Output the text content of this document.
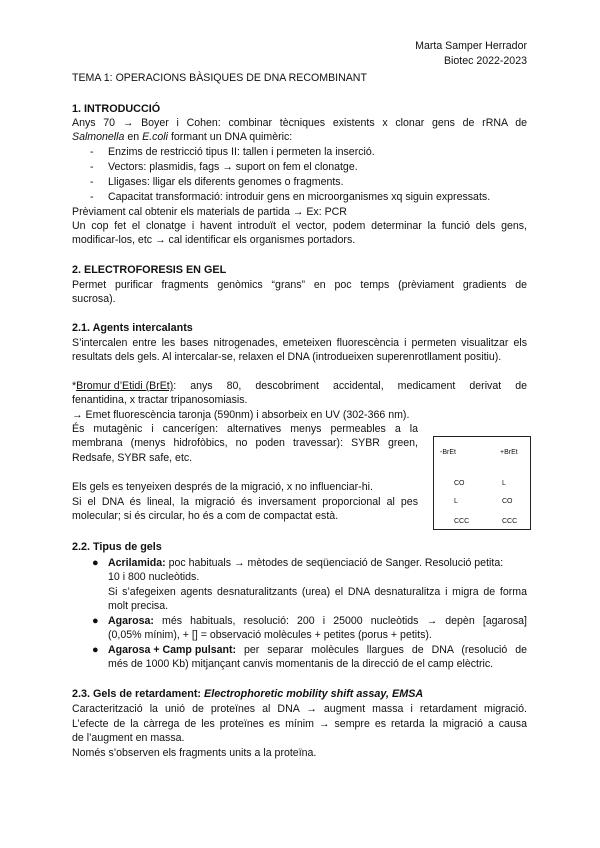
Marta Samper Herrador
Biotec 2022-2023
TEMA 1: OPERACIONS BÀSIQUES DE DNA RECOMBINANT
1. INTRODUCCIÓ
Anys 70 → Boyer i Cohen: combinar tècniques existents x clonar gens de rRNA de
Salmonella en E.coli formant un DNA quimèric:
- Enzims de restricció tipus II: tallen i permeten la inserció.
- Vectors: plasmidis, fags → suport on fem el clonatge.
- Lligases: lligar els diferents genomes o fragments.
- Capacitat transformació: introduir gens en microorganismes xq siguin expressats.
Prèviament cal obtenir els materials de partida → Ex: PCR
Un cop fet el clonatge i havent introduït el vector, podem determinar la funció dels gens,
modificar-los, etc → cal identificar els organismes portadors.
2. ELECTROFORESIS EN GEL
Permet purificar fragments genòmics “grans” en poc temps (prèviament gradients de
sucrosa).
2.1. Agents intercalants
S’intercalen entre les bases nitrogenades, emeteixen fluorescència i permeten visualitzar els
resultats dels gels. Al intercalar-se, relaxen el DNA (introdueixen superenrotllament positiu).
*Bromur d’Etidi (BrEt) : anys 80, descobriment accidental, medicament derivat de
fenantidina, x tractar tripanosomiasis.
→ Emet fluorescència taronja (590nm) i absorbeix en UV (302-366 nm).
És mutagènic i cancerígen: alternatives menys permeables a la
membrana (menys hidrofòbics, no poden travessar): SYBR green,
Redsafe, SYBR safe, etc.
Els gels es tenyeixen després de la migració, x no influenciar-hi.
Si el DNA és lineal, la migració és inversament proporcional al pes
molecular; si és circular, ho és a com de compactat està.
-BrEt	+BrEt
CO
L
CCC
L
CO
CCC
2.2. Tipus de gels
● Acrilamida: poc habituals → mètodes de seqüenciació de Sanger. Resolució petita:
10 i 800 nucleòtids.
Si s’afegeixen agents desnaturalitzants (urea) el DNA desnaturalitza i migra de forma
molt precisa.
● Agarosa: més habituals, resolució: 200 i 25000 nucleòtids → depèn [agarosa]
(0,05% mínim), + [] = observació molècules + petites (porus + petits).
● Agarosa + Camp pulsant: per separar molècules llargues de DNA (resolució de
més de 1000 Kb) mitjançant canvis momentanis de la direcció de el camp elèctric.
2.3. Gels de retardament: Electrophoretic mobility shift assay, EMSA
Caracterització la unió de proteïnes al DNA → augment massa i retardament migració.
L’efecte de la càrrega de les proteïnes es mínim → sempre es retarda la migració a causa
de l’augment en massa.
Només s’observen els fragments units a la proteïna.
